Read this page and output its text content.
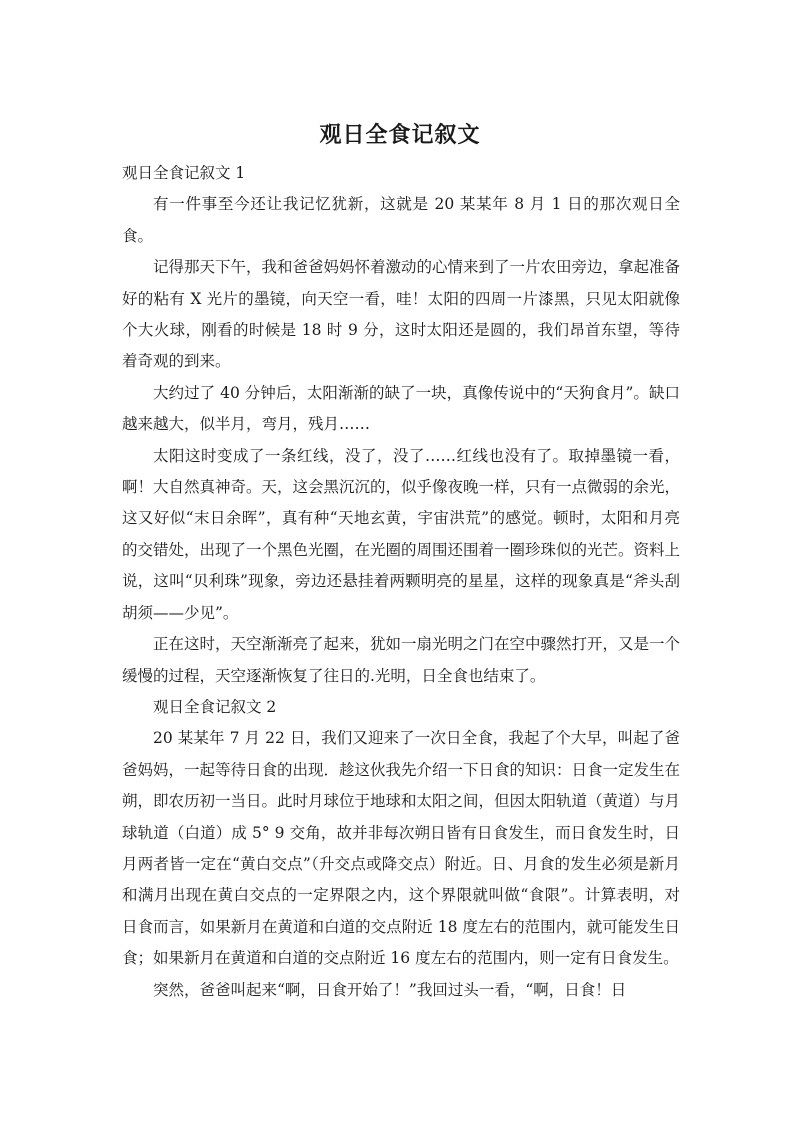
观日全食记叙文

观日全食记叙文 1

有一件事至今还让我记忆犹新，这就是 20 某某年 8 月 1 日的那次观日全食。

记得那天下午，我和爸爸妈妈怀着激动的心情来到了一片农田旁边，拿起准备好的粘有 X 光片的墨镜，向天空一看，哇！太阳的四周一片漆黑，只见太阳就像个大火球，刚看的时候是 18 时 9 分，这时太阳还是圆的，我们昂首东望，等待着奇观的到来。

大约过了 40 分钟后，太阳渐渐的缺了一块，真像传说中的“天狗食月”。缺口越来越大，似半月，弯月，残月……

太阳这时变成了一条红线，没了，没了……红线也没有了。取掉墨镜一看，啊！大自然真神奇。天，这会黑沉沉的，似乎像夜晚一样，只有一点微弱的余光，这又好似“末日余晖”，真有种“天地玄黄，宇宙洪荒”的感觉。顿时，太阳和月亮的交错处，出现了一个黑色光圈，在光圈的周围还围着一圈珍珠似的光芒。资料上说，这叫“贝利珠”现象，旁边还悬挂着两颗明亮的星星，这样的现象真是“斧头刮胡须——少见”。

正在这时，天空渐渐亮了起来，犹如一扇光明之门在空中骤然打开，又是一个缓慢的过程，天空逐渐恢复了往日的.光明，日全食也结束了。

观日全食记叙文 2

20 某某年 7 月 22 日，我们又迎来了一次日全食，我起了个大早，叫起了爸爸妈妈，一起等待日食的出现．趁这伙我先介绍一下日食的知识：日食一定发生在朔，即农历初一当日。此时月球位于地球和太阳之间，但因太阳轨道（黄道）与月球轨道（白道）成 5° 9 交角，故并非每次朔日皆有日食发生，而日食发生时，日月两者皆一定在“黄白交点”（升交点或降交点）附近。日、月食的发生必须是新月和满月出现在黄白交点的一定界限之内，这个界限就叫做“食限”。计算表明，对日食而言，如果新月在黄道和白道的交点附近 18 度左右的范围内，就可能发生日食；如果新月在黄道和白道的交点附近 16 度左右的范围内，则一定有日食发生。

突然，爸爸叫起来“啊，日食开始了！”我回过头一看，“啊，日食！日
